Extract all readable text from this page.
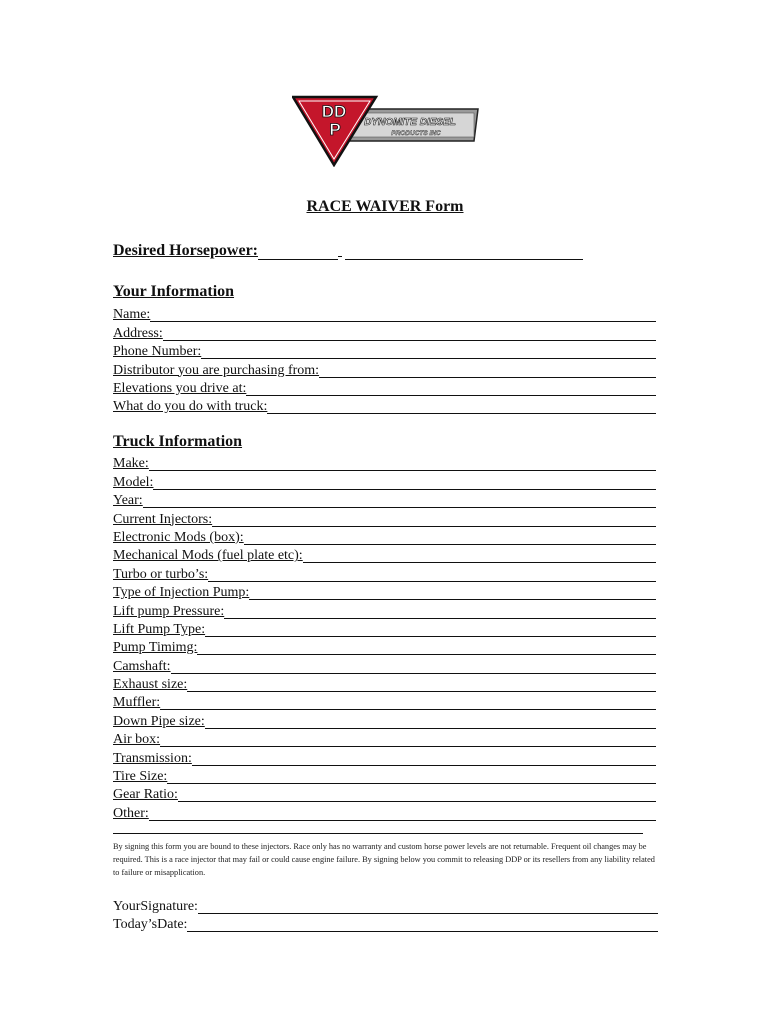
DYNOMITE DIESEL
PRODUCTS INC
DD
P
RACE WAIVER Form
Desired Horsepower:
Your Information
Name:
Address:
Phone Number:
Distributor you are purchasing from:
Elevations you drive at:
What do you do with truck:
Truck Information
Make:
Model:
Year:
Current Injectors:
Electronic Mods (box):
Mechanical Mods (fuel plate etc):
Turbo or turbo’s:
Type of Injection Pump:
Lift pump Pressure:
Lift Pump Type:
Pump Timimg:
Camshaft:
Exhaust size:
Muffler:
Down Pipe size:
Air box:
Transmission:
Tire Size:
Gear Ratio:
Other:
By signing this form you are bound to these injectors. Race only has no warranty and custom horse power levels are not returnable. Frequent oil changes may be required. This is a race injector that may fail or could cause engine failure. By signing below you commit to releasing DDP or its resellers from any liability related to failure or misapplication.
YourSignature:
Today’sDate:
